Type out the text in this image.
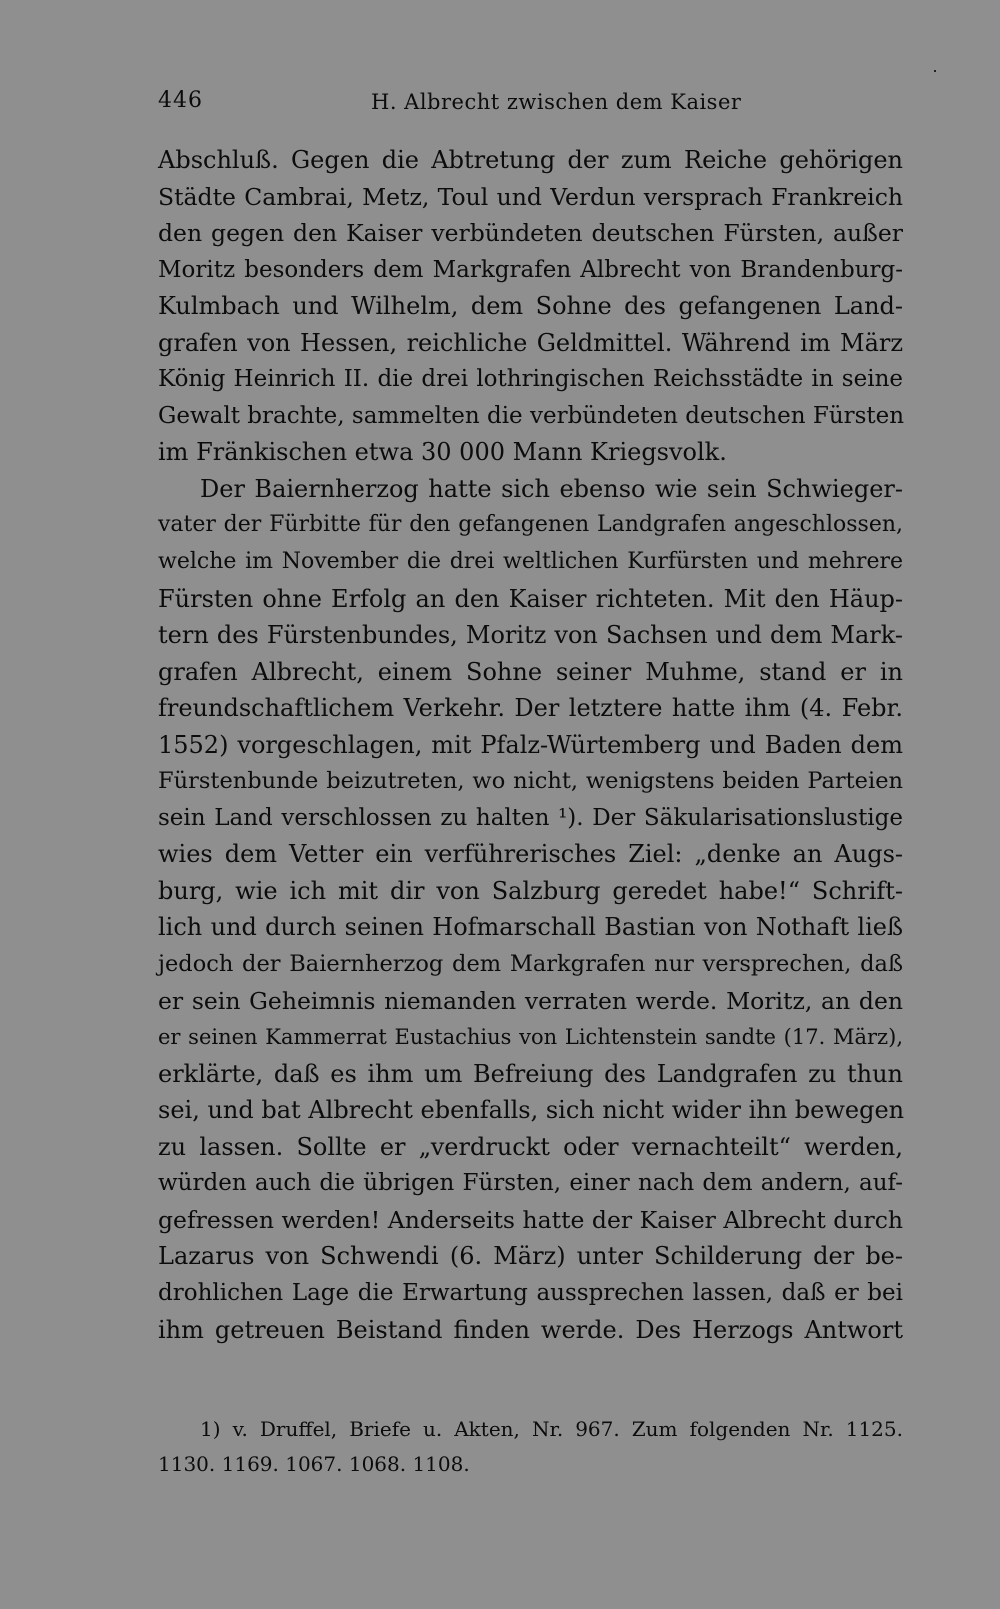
446	H. Albrecht zwischen dem Kaiser
Abschluß. Gegen die Abtretung der zum Reiche gehörigen
Städte Cambrai, Metz, Toul und Verdun versprach Frankreich
den gegen den Kaiser verbündeten deutschen Fürsten, außer
Moritz besonders dem Markgrafen Albrecht von Brandenburg-
Kulmbach und Wilhelm, dem Sohne des gefangenen Land-
grafen von Hessen, reichliche Geldmittel. Während im März
König Heinrich II. die drei lothringischen Reichsstädte in seine
Gewalt brachte, sammelten die verbündeten deutschen Fürsten
im Fränkischen etwa 30 000 Mann Kriegsvolk.
Der Baiernherzog hatte sich ebenso wie sein Schwieger-
vater der Fürbitte für den gefangenen Landgrafen angeschlossen,
welche im November die drei weltlichen Kurfürsten und mehrere
Fürsten ohne Erfolg an den Kaiser richteten. Mit den Häup-
tern des Fürstenbundes, Moritz von Sachsen und dem Mark-
grafen Albrecht, einem Sohne seiner Muhme, stand er in
freundschaftlichem Verkehr. Der letztere hatte ihm (4. Febr.
1552) vorgeschlagen, mit Pfalz-Würtemberg und Baden dem
Fürstenbunde beizutreten, wo nicht, wenigstens beiden Parteien
sein Land verschlossen zu halten ¹). Der Säkularisationslustige
wies dem Vetter ein verführerisches Ziel: „denke an Augs-
burg, wie ich mit dir von Salzburg geredet habe!“ Schrift-
lich und durch seinen Hofmarschall Bastian von Nothaft ließ
jedoch der Baiernherzog dem Markgrafen nur versprechen, daß
er sein Geheimnis niemanden verraten werde. Moritz, an den
er seinen Kammerrat Eustachius von Lichtenstein sandte (17. März),
erklärte, daß es ihm um Befreiung des Landgrafen zu thun
sei, und bat Albrecht ebenfalls, sich nicht wider ihn bewegen
zu lassen. Sollte er „verdruckt oder vernachteilt“ werden,
würden auch die übrigen Fürsten, einer nach dem andern, auf-
gefressen werden! Anderseits hatte der Kaiser Albrecht durch
Lazarus von Schwendi (6. März) unter Schilderung der be-
drohlichen Lage die Erwartung aussprechen lassen, daß er bei
ihm getreuen Beistand finden werde. Des Herzogs Antwort
1) v. Druffel, Briefe u. Akten, Nr. 967. Zum folgenden Nr. 1125.
1130. 1169. 1067. 1068. 1108.
